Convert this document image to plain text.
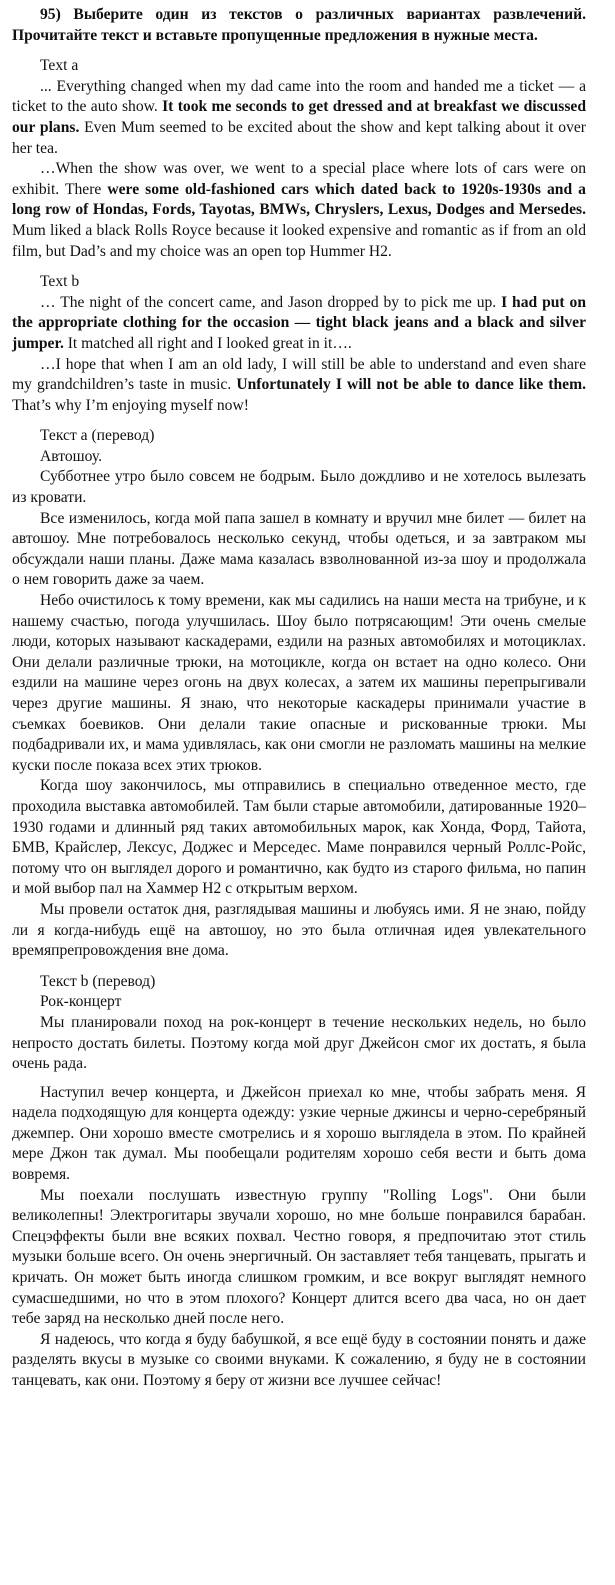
95) Выберите один из текстов о различных вариантах развлечений. Прочитайте текст и вставьте пропущенные предложения в нужные места.

Text a

... Everything changed when my dad came into the room and handed me a ticket — a ticket to the auto show. It took me seconds to get dressed and at breakfast we discussed our plans. Even Mum seemed to be excited about the show and kept talking about it over her tea.

…When the show was over, we went to a special place where lots of cars were on exhibit. There were some old-fashioned cars which dated back to 1920s-1930s and a long row of Hondas, Fords, Tayotas, BMWs, Chryslers, Lexus, Dodges and Mersedes. Mum liked a black Rolls Royce because it looked expensive and romantic as if from an old film, but Dad’s and my choice was an open top Hummer H2.

Text b

… The night of the concert came, and Jason dropped by to pick me up. I had put on the appropriate clothing for the occasion — tight black jeans and a black and silver jumper. It matched all right and I looked great in it….

…I hope that when I am an old lady, I will still be able to understand and even share my grandchildren’s taste in music. Unfortunately I will not be able to dance like them. That’s why I’m enjoying myself now!

Текст а (перевод)

Автошоу.

Субботнее утро было совсем не бодрым. Было дождливо и не хотелось вылезать из кровати.

Все изменилось, когда мой папа зашел в комнату и вручил мне билет — билет на автошоу. Мне потребовалось несколько секунд, чтобы одеться, и за завтраком мы обсуждали наши планы. Даже мама казалась взволнованной из-за шоу и продолжала о нем говорить даже за чаем.

Небо очистилось к тому времени, как мы садились на наши места на трибуне, и к нашему счастью, погода улучшилась. Шоу было потрясающим! Эти очень смелые люди, которых называют каскадерами, ездили на разных автомобилях и мотоциклах. Они делали различные трюки, на мотоцикле, когда он встает на одно колесо. Они ездили на машине через огонь на двух колесах, а затем их машины перепрыгивали через другие машины. Я знаю, что некоторые каскадеры принимали участие в съемках боевиков. Они делали такие опасные и рискованные трюки. Мы подбадривали их, и мама удивлялась, как они смогли не разломать машины на мелкие куски после показа всех этих трюков.

Когда шоу закончилось, мы отправились в специально отведенное место, где проходила выставка автомобилей. Там были старые автомобили, датированные 1920–1930 годами и длинный ряд таких автомобильных марок, как Хонда, Форд, Тайота, БМВ, Крайслер, Лексус, Доджес и Мерседес. Маме понравился черный Роллс-Ройс, потому что он выглядел дорого и романтично, как будто из старого фильма, но папин и мой выбор пал на Хаммер H2 с открытым верхом.

Мы провели остаток дня, разглядывая машины и любуясь ими. Я не знаю, пойду ли я когда-нибудь ещё на автошоу, но это была отличная идея увлекательного времяпрепровождения вне дома.

Текст b (перевод)

Рок-концерт

Мы планировали поход на рок-концерт в течение нескольких недель, но было непросто достать билеты. Поэтому когда мой друг Джейсон смог их достать, я была очень рада.

Наступил вечер концерта, и Джейсон приехал ко мне, чтобы забрать меня. Я надела подходящую для концерта одежду: узкие черные джинсы и черно-серебряный джемпер. Они хорошо вместе смотрелись и я хорошо выглядела в этом. По крайней мере Джон так думал. Мы пообещали родителям хорошо себя вести и быть дома вовремя.

Мы поехали послушать известную группу "Rolling Logs". Они были великолепны! Электрогитары звучали хорошо, но мне больше понравился барабан. Спецэффекты были вне всяких похвал. Честно говоря, я предпочитаю этот стиль музыки больше всего. Он очень энергичный. Он заставляет тебя танцевать, прыгать и кричать. Он может быть иногда слишком громким, и все вокруг выглядят немного сумасшедшими, но что в этом плохого? Концерт длится всего два часа, но он дает тебе заряд на несколько дней после него.

Я надеюсь, что когда я буду бабушкой, я все ещё буду в состоянии понять и даже разделять вкусы в музыке со своими внуками. К сожалению, я буду не в состоянии танцевать, как они. Поэтому я беру от жизни все лучшее сейчас!
